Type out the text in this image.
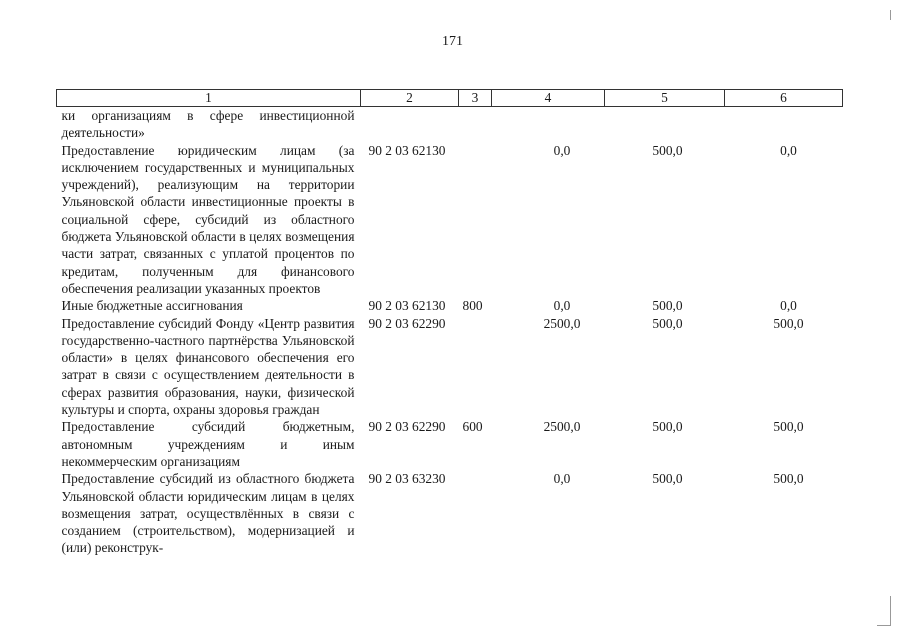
171
1	2	3	4	5	6
ки организациям в сфере инвестиционной деятельности»					
Предоставление юридическим лицам (за исключением государственных и муниципальных учреждений), реализующим на территории Ульяновской области инвестиционные проекты в социальной сфере, субсидий из областного бюджета Ульяновской области в целях возмещения части затрат, связанных с уплатой процентов по кредитам, полученным для финансового обеспечения реализации указанных проектов	90 2 03 62130		0,0	500,0	0,0
Иные бюджетные ассигнования	90 2 03 62130	800	0,0	500,0	0,0
Предоставление субсидий Фонду «Центр развития государственно-частного партнёрства Ульяновской области» в целях финансового обеспечения его затрат в связи с осуществлением деятельности в сферах развития образования, науки, физической культуры и спорта, охраны здоровья граждан	90 2 03 62290		2500,0	500,0	500,0
Предоставление субсидий бюджетным, автономным учреждениям и иным некоммерческим организациям	90 2 03 62290	600	2500,0	500,0	500,0
Предоставление субсидий из областного бюджета Ульяновской области юридическим лицам в целях возмещения затрат, осуществлённых в связи с созданием (строительством), модернизацией и (или) реконструк-	90 2 03 63230		0,0	500,0	500,0
